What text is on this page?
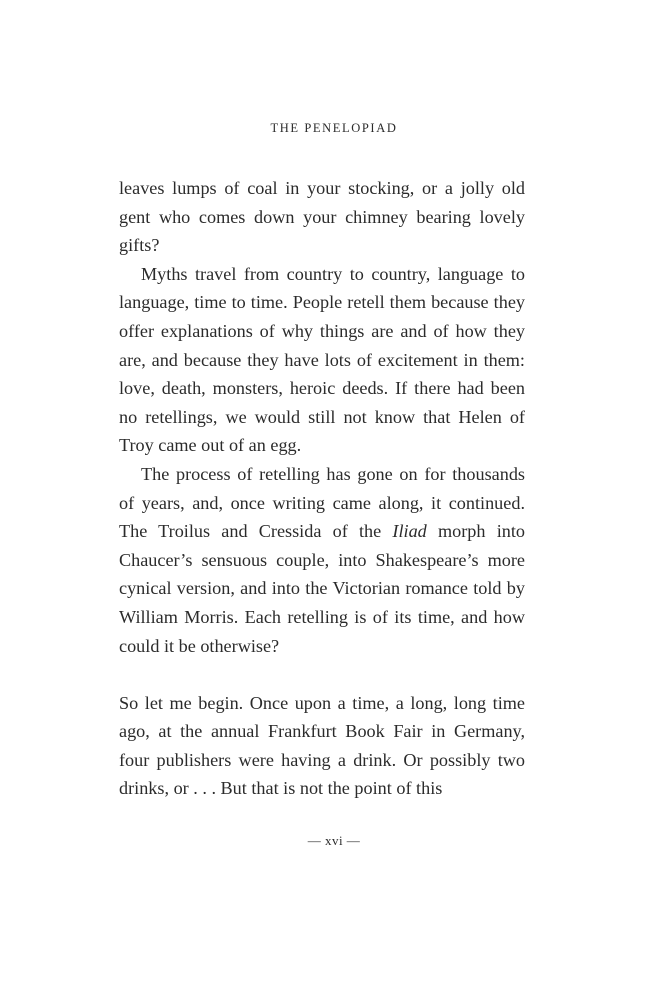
THE PENELOPIAD

leaves lumps of coal in your stocking, or a jolly old gent who comes down your chimney bearing lovely gifts?

Myths travel from country to country, language to language, time to time. People retell them because they offer explanations of why things are and of how they are, and because they have lots of excitement in them: love, death, monsters, heroic deeds. If there had been no retellings, we would still not know that Helen of Troy came out of an egg.

The process of retelling has gone on for thousands of years, and, once writing came along, it continued. The Troilus and Cressida of the Iliad morph into Chaucer’s sensuous couple, into Shakespeare’s more cynical version, and into the Victorian romance told by William Morris. Each retelling is of its time, and how could it be otherwise?

So let me begin. Once upon a time, a long, long time ago, at the annual Frankfurt Book Fair in Germany, four publishers were having a drink. Or possibly two drinks, or . . . But that is not the point of this

— xvi —
